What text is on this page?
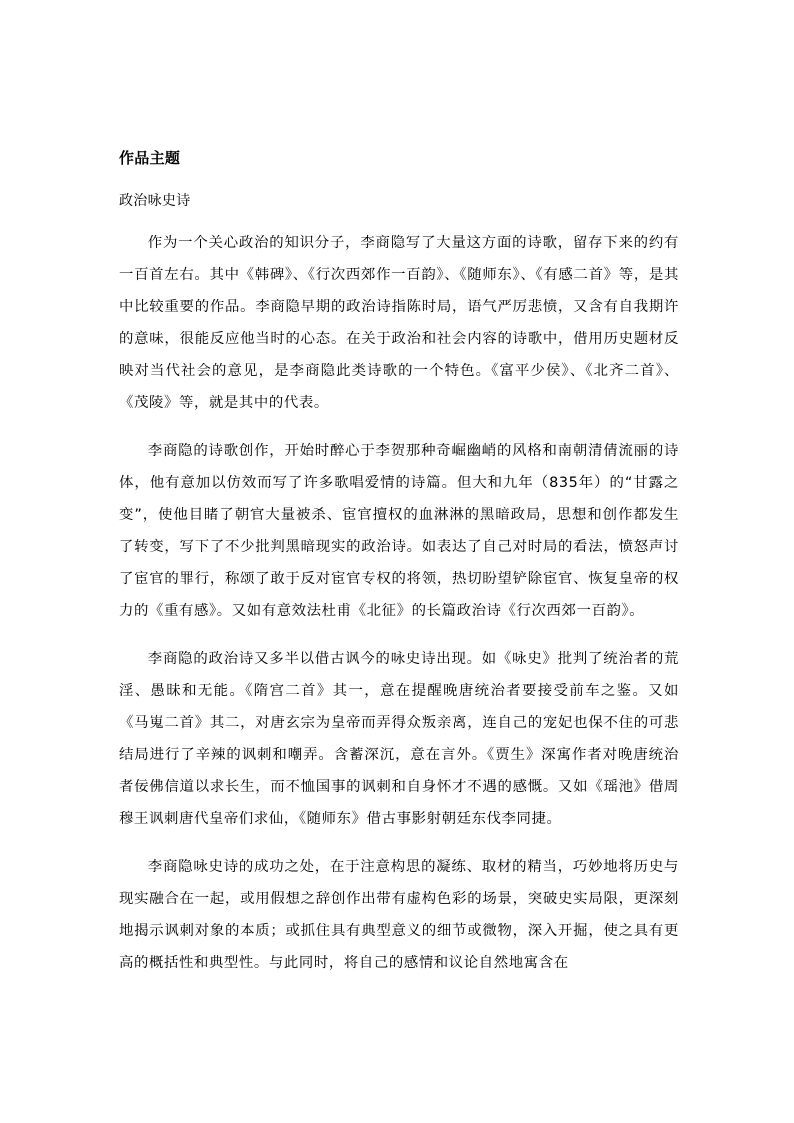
作品主题
政治咏史诗

作为一个关心政治的知识分子，李商隐写了大量这方面的诗歌，留存下来的约有一百首左右。其中《韩碑》、《行次西郊作一百韵》、《随师东》、《有感二首》等，是其中比较重要的作品。李商隐早期的政治诗指陈时局，语气严厉悲愤，又含有自我期许的意味，很能反应他当时的心态。在关于政治和社会内容的诗歌中，借用历史题材反映对当代社会的意见，是李商隐此类诗歌的一个特色。《富平少侯》、《北齐二首》、《茂陵》等，就是其中的代表。

李商隐的诗歌创作，开始时醉心于李贺那种奇崛幽峭的风格和南朝清倩流丽的诗体，他有意加以仿效而写了许多歌唱爱情的诗篇。但大和九年（835年）的“甘露之变”，使他目睹了朝官大量被杀、宦官擅权的血淋淋的黑暗政局，思想和创作都发生了转变，写下了不少批判黑暗现实的政治诗。如表达了自己对时局的看法，愤怒声讨了宦官的罪行，称颂了敢于反对宦官专权的将领，热切盼望铲除宦官、恢复皇帝的权力的《重有感》。又如有意效法杜甫《北征》的长篇政治诗《行次西郊一百韵》。

李商隐的政治诗又多半以借古讽今的咏史诗出现。如《咏史》批判了统治者的荒淫、愚昧和无能。《隋宫二首》其一，意在提醒晚唐统治者要接受前车之鉴。又如《马嵬二首》其二，对唐玄宗为皇帝而弄得众叛亲离，连自己的宠妃也保不住的可悲结局进行了辛辣的讽刺和嘲弄。含蓄深沉，意在言外。《贾生》深寓作者对晚唐统治者佞佛信道以求长生，而不恤国事的讽刺和自身怀才不遇的感慨。又如《瑶池》借周穆王讽刺唐代皇帝们求仙，《随师东》借古事影射朝廷东伐李同捷。

李商隐咏史诗的成功之处，在于注意构思的凝练、取材的精当，巧妙地将历史与现实融合在一起，或用假想之辞创作出带有虚构色彩的场景，突破史实局限，更深刻地揭示讽刺对象的本质；或抓住具有典型意义的细节或微物，深入开掘，使之具有更高的概括性和典型性。与此同时，将自己的感情和议论自然地寓含在
